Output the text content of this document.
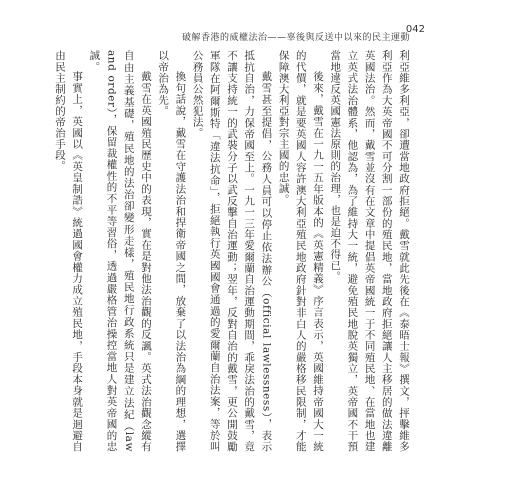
破解香港的威權法治——辜後與反送中以來的民主運動
042

利亞維多利亞，卻遭當地政府拒絕。戴雪就此先後在《泰晤士報》撰文，抨擊維多利亞作為大英帝國不可分割一部份的殖民地，當地政府拒絕讓人主移居的做法違離英國法治。然而，戴雪並沒有在文章中提倡英帝國統一于不同殖民地、在當地也建立英式法治體系，他認為，為了維持大一統，避免殖民地脫英獨立，英帝國不干預當地違反英國憲法原則的治理，也是迫不得已。

後來，戴雪在一九一五年版本的《英憲精義》序言表示，英國維持帝國大一統的代價，就是要英國人容許澳大利亞殖民地政府針對非白人的嚴格移民限制，才能保障澳大利亞對宗主國的忠誠。

戴雪甚至提倡，公務人員可以停止依法辦公（official lawlessness），表示抵抗自治，力保帝國至上。一九一三年愛爾蘭自治運動期間，乖戾法治的戴雪，竟不讓支持統一的武裝分子以武反擊自治運動；翌年，反對自治的戴雪，更公開鼓勵軍隊在阿爾斯特「違法抗命」，拒絕執行英國國會通過的愛爾蘭自治法案，等於叫公務員公然犯法。

換句話說，戴雪在守護法治和捍衛帝國之間，放棄了以法治為綱的理想，選擇以帝治為先。

戴雪在英國殖民歷史中的表現，實在是對他法治觀的反諷。英式法治觀念縱有自由主義基礎，殖民地的法治卻變形走樣，殖民地行政系統只是建立法紀（law and order），保留裁權性的不平等習俗，透過嚴格管治操控當地人對英帝國的忠誠。

事實上，英國以《英皇制誥》統過國會權力成立殖民地，手段本身就是迴避自由民主制約的帝治手段。
